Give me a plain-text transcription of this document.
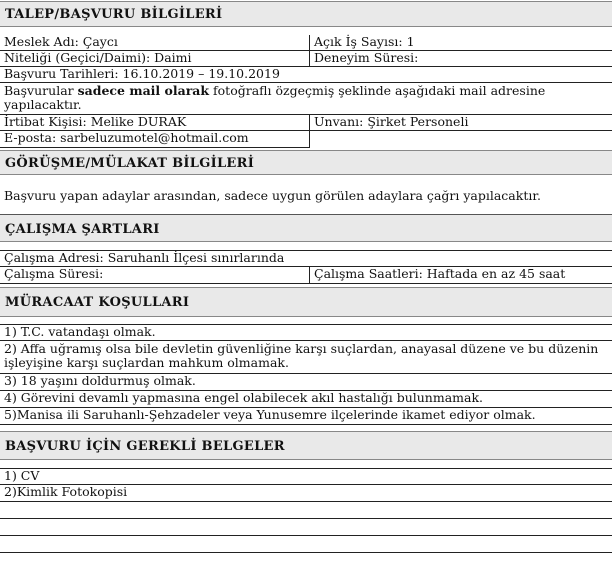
TALEP/BAŞVURU BİLGİLERİ
Meslek Adı: Çaycı	Açık İş Sayısı: 1
Niteliği (Geçici/Daimi): Daimi	Deneyim Süresi:
Başvuru Tarihleri: 16.10.2019 – 19.10.2019
Başvurular sadece mail olarak fotoğraflı özgeçmiş şeklinde aşağıdaki mail adresine yapılacaktır.
İrtibat Kişisi: Melike DURAK	Unvanı: Şirket Personeli
E-posta: sarbeluzumotel@hotmail.com
GÖRÜŞME/MÜLAKAT BİLGİLERİ
Başvuru yapan adaylar arasından, sadece uygun görülen adaylara çağrı yapılacaktır.
ÇALIŞMA ŞARTLARI
Çalışma Adresi: Saruhanlı İlçesi sınırlarında
Çalışma Süresi:	Çalışma Saatleri: Haftada en az 45 saat
MÜRACAAT KOŞULLARI
1) T.C. vatandaşı olmak.
2) Affa uğramış olsa bile devletin güvenliğine karşı suçlardan, anayasal düzene ve bu düzenin işleyişine karşı suçlardan mahkum olmamak.
3) 18 yaşını doldurmuş olmak.
4) Görevini devamlı yapmasına engel olabilecek akıl hastalığı bulunmamak.
5)Manisa ili Saruhanlı-Şehzadeler veya Yunusemre ilçelerinde ikamet ediyor olmak.
BAŞVURU İÇİN GEREKLİ BELGELER
1) CV
2)Kimlik Fotokopisi
